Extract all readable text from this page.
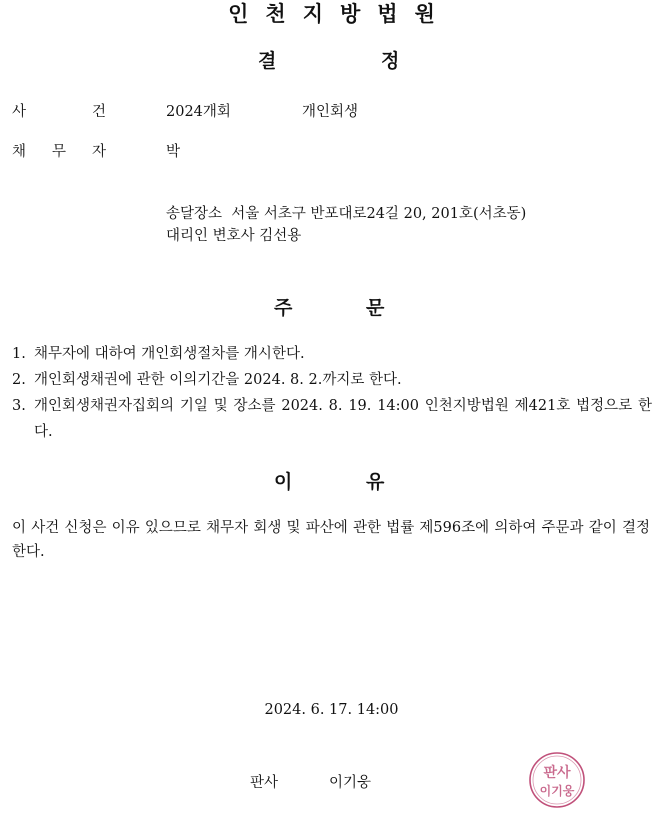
인천지방법원
결	정
사	건	2024개회	개인회생
채 무 자	박
송달장소  서울 서초구 반포대로24길 20, 201호(서초동)
대리인 변호사 김선용
주	문
1. 채무자에 대하여 개인회생절차를 개시한다.
2. 개인회생채권에 관한 이의기간을 2024. 8. 2.까지로 한다.
3. 개인회생채권자집회의 기일 및 장소를 2024. 8. 19. 14:00 인천지방법원 제421호 법정으로 한다.
이	유
이 사건 신청은 이유 있으므로 채무자 회생 및 파산에 관한 법률 제596조에 의하여 주문과 같이 결정한다.
2024. 6. 17. 14:00
판사	이기웅
판사
이기웅
